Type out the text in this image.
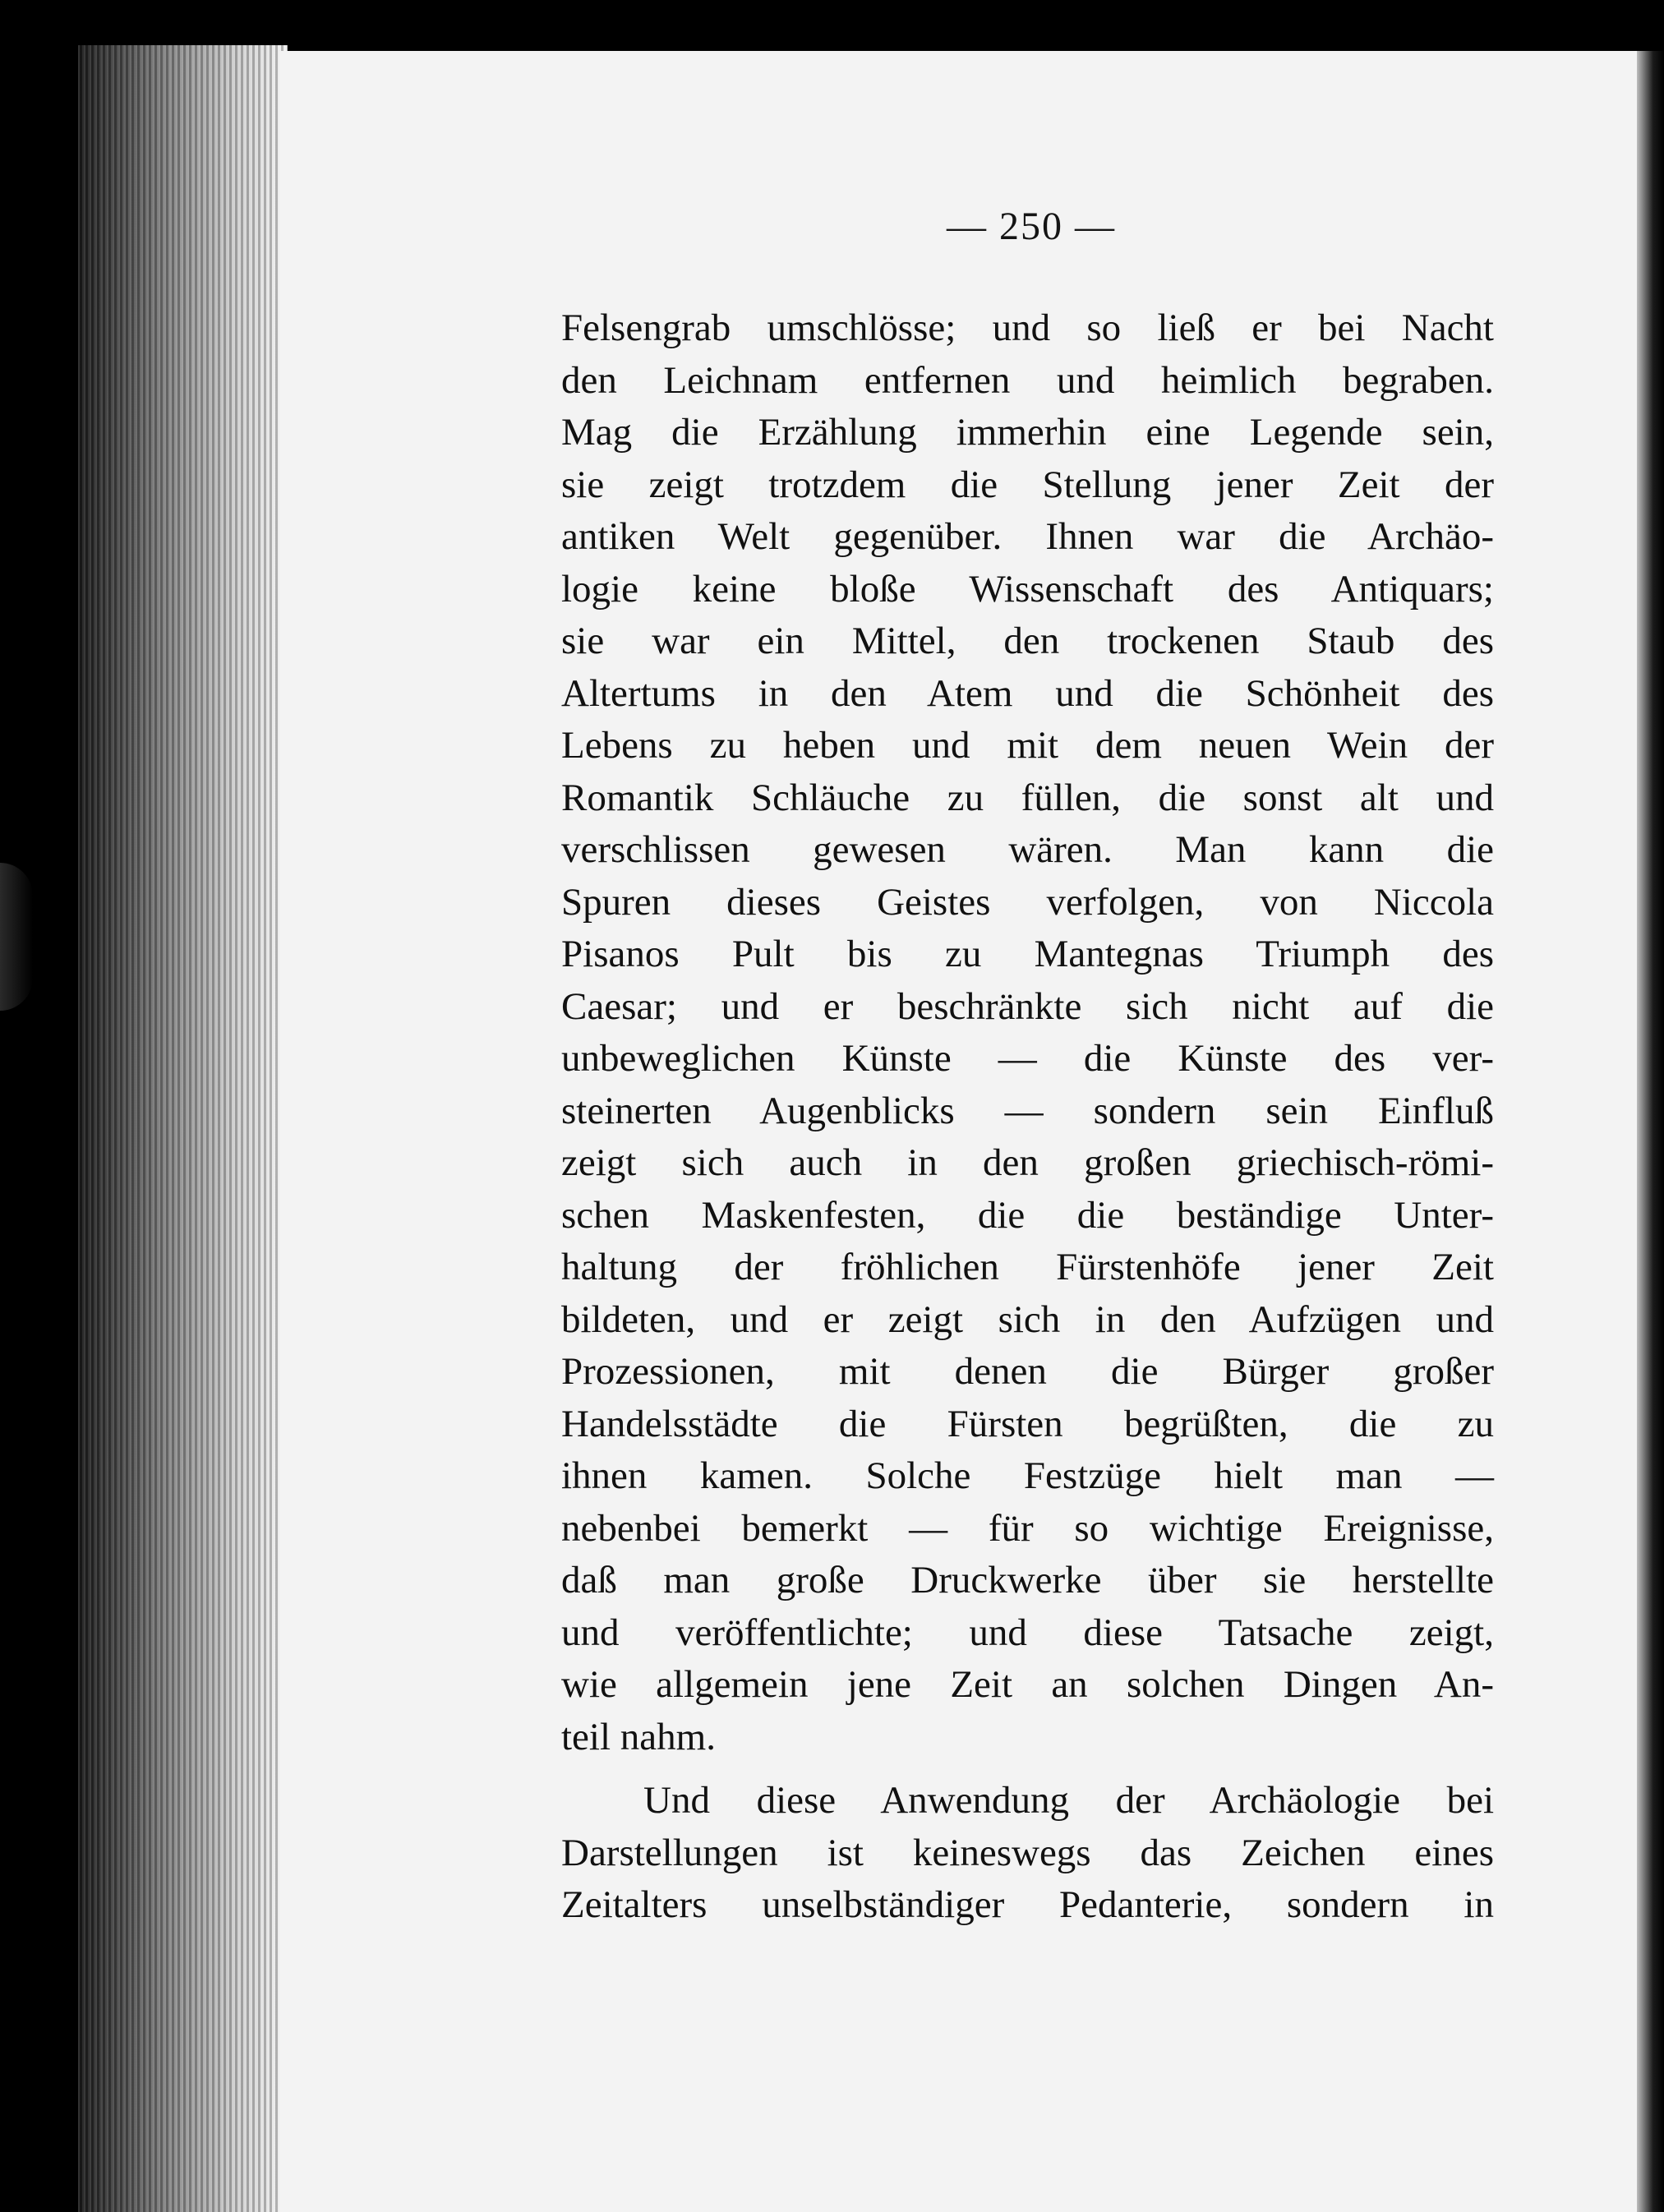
— 250 —
Felsengrab umschlösse; und so ließ er bei Nacht
den Leichnam entfernen und heimlich begraben.
Mag die Erzählung immerhin eine Legende sein,
sie zeigt trotzdem die Stellung jener Zeit der
antiken Welt gegenüber. Ihnen war die Archäo-
logie keine bloße Wissenschaft des Antiquars;
sie war ein Mittel, den trockenen Staub des
Altertums in den Atem und die Schönheit des
Lebens zu heben und mit dem neuen Wein der
Romantik Schläuche zu füllen, die sonst alt und
verschlissen gewesen wären. Man kann die
Spuren dieses Geistes verfolgen, von Niccola
Pisanos Pult bis zu Mantegnas Triumph des
Caesar; und er beschränkte sich nicht auf die
unbeweglichen Künste — die Künste des ver-
steinerten Augenblicks — sondern sein Einfluß
zeigt sich auch in den großen griechisch-römi-
schen Maskenfesten, die die beständige Unter-
haltung der fröhlichen Fürstenhöfe jener Zeit
bildeten, und er zeigt sich in den Aufzügen und
Prozessionen, mit denen die Bürger großer
Handelsstädte die Fürsten begrüßten, die zu
ihnen kamen. Solche Festzüge hielt man —
nebenbei bemerkt — für so wichtige Ereignisse,
daß man große Druckwerke über sie herstellte
und veröffentlichte; und diese Tatsache zeigt,
wie allgemein jene Zeit an solchen Dingen An-
teil nahm.
Und diese Anwendung der Archäologie bei
Darstellungen ist keineswegs das Zeichen eines
Zeitalters unselbständiger Pedanterie, sondern in
